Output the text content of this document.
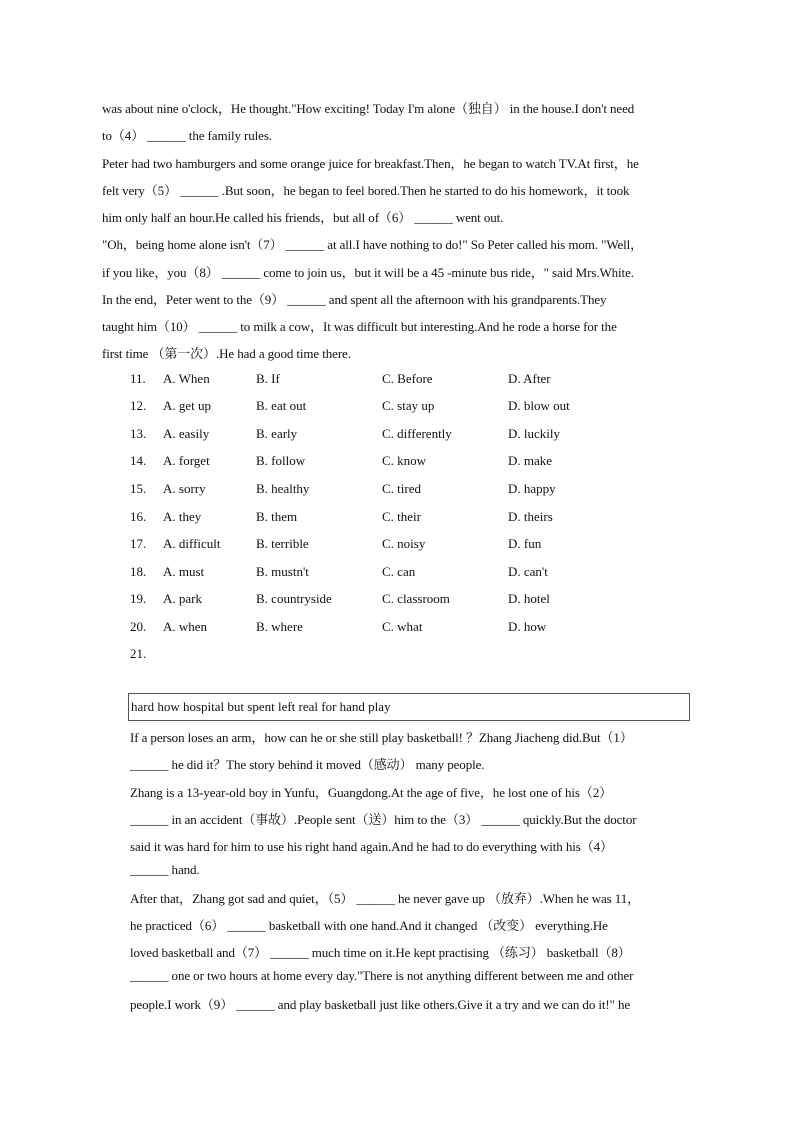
was about nine o'clock，He thought."How exciting! Today I'm alone（独自） in the house.I don't need
to（4） ______ the family rules.
Peter had two hamburgers and some orange juice for breakfast.Then，he began to watch TV.At first，he
felt very（5） ______ .But soon，he began to feel bored.Then he started to do his homework，it took
him only half an hour.He called his friends，but all of（6） ______ went out.
"Oh，being home alone isn't（7） ______ at all.I have nothing to do!" So Peter called his mom. "Well，
if you like，you（8） ______ come to join us，but it will be a 45 -minute bus ride，" said Mrs.White.
In the end，Peter went to the（9） ______ and spent all the afternoon with his grandparents.They
taught him（10） ______ to milk a cow，It was difficult but interesting.And he rode a horse for the
first time （第一次）.He had a good time there.
11. A. When	B. If	C. Before	D. After
12. A. get up	B. eat out	C. stay up	D. blow out
13. A. easily	B. early	C. differently	D. luckily
14. A. forget	B. follow	C. know	D. make
15. A. sorry	B. healthy	C. tired	D. happy
16. A. they	B. them	C. their	D. theirs
17. A. difficult	B. terrible	C. noisy	D. fun
18. A. must	B. mustn't	C. can	D. can't
19. A. park	B. countryside	C. classroom	D. hotel
20. A. when	B. where	C. what	D. how
21.
hard how hospital but spent left real for hand play
If a person loses an arm，how can he or she still play basketball! ？Zhang Jiacheng did.But（1）
______ he did it？The story behind it moved（感动） many people.
Zhang is a 13-year-old boy in Yunfu，Guangdong.At the age of five，he lost one of his（2）
______ in an accident（事故）.People sent（送）him to the（3） ______ quickly.But the doctor
said it was hard for him to use his right hand again.And he had to do everything with his（4）
______ hand.
After that，Zhang got sad and quiet，（5） ______ he never gave up （放弃）.When he was 11，
he practiced（6） ______ basketball with one hand.And it changed （改变） everything.He
loved basketball and（7） ______ much time on it.He kept practising （练习） basketball（8）
______ one or two hours at home every day."There is not anything different between me and other
people.I work（9） ______ and play basketball just like others.Give it a try and we can do it!" he
